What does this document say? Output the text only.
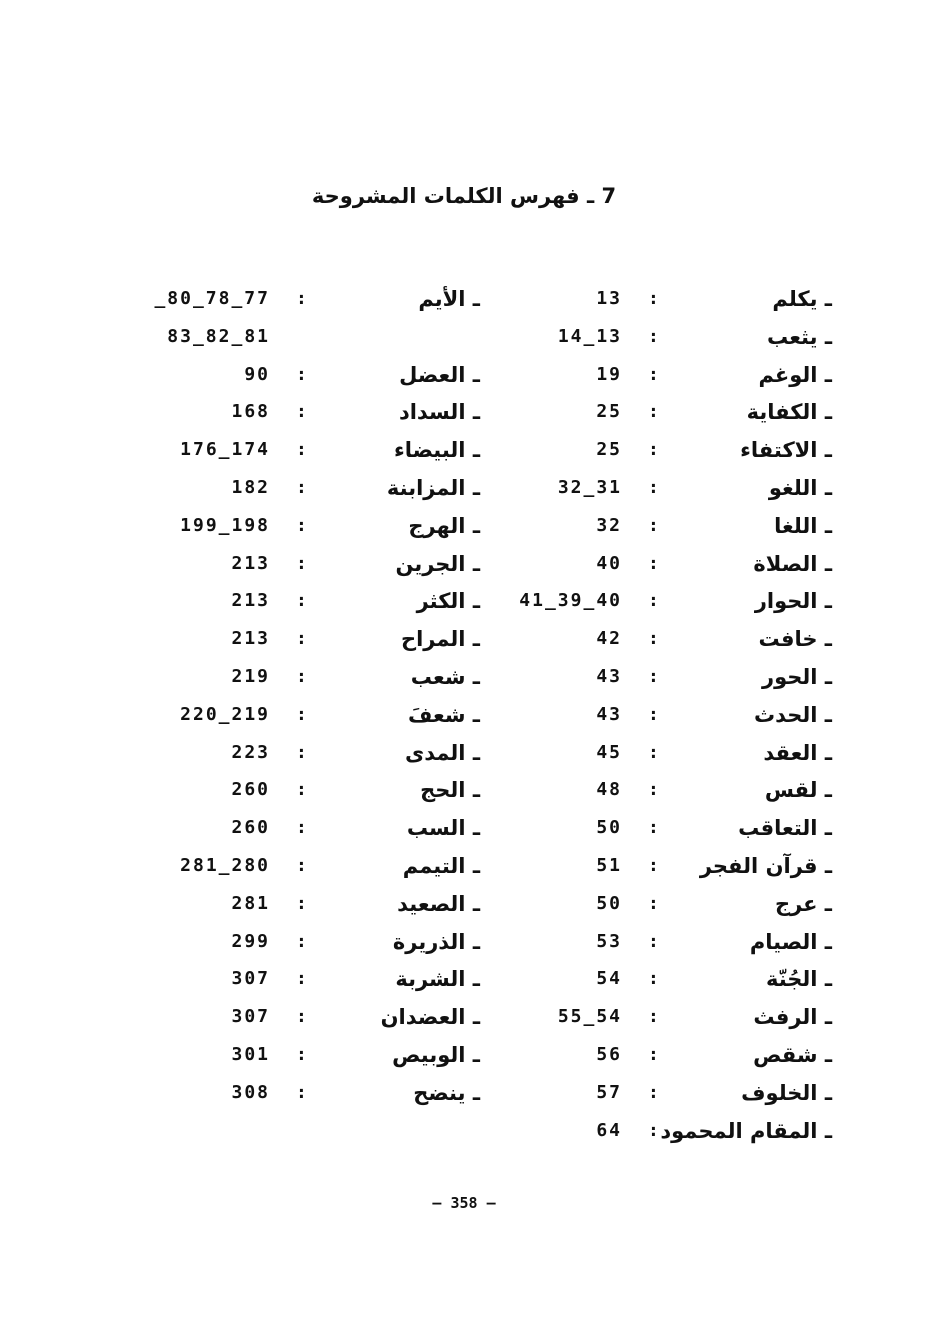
7 ـ فهرس الكلمات المشروحة
ـ يكلم
:
13
ـ يثعب
:
14_13
ـ الوغم
:
19
ـ الكفاية
:
25
ـ الاكتفاء
:
25
ـ اللغو
:
32_31
ـ اللغا
:
32
ـ الصلاة
:
40
ـ الحوار
:
41_39_40
ـ خافت
:
42
ـ الحور
:
43
ـ الحدث
:
43
ـ العقد
:
45
ـ لقس
:
48
ـ التعاقب
:
50
ـ قرآن الفجر
:
51
ـ عرج
:
50
ـ الصيام
:
53
ـ الجُنّة
:
54
ـ الرفث
:
55_54
ـ شقص
:
56
ـ الخلوف
:
57
ـ المقام المحمود
:
64
ـ الأيم
:
_80_78_77
83_82_81
ـ العضل
:
90
ـ السداد
:
168
ـ البيضاء
:
176_174
ـ المزابنة
:
182
ـ الهرج
:
199_198
ـ الجرين
:
213
ـ الكثر
:
213
ـ المراح
:
213
ـ شعب
:
219
ـ شعفَ
:
220_219
ـ المدى
:
223
ـ الحج
:
260
ـ السب
:
260
ـ التيمم
:
281_280
ـ الصعيد
:
281
ـ الذريرة
:
299
ـ الشربة
:
307
ـ العضدان
:
307
ـ الوبيص
:
301
ـ ينضح
:
308
– 358 –
